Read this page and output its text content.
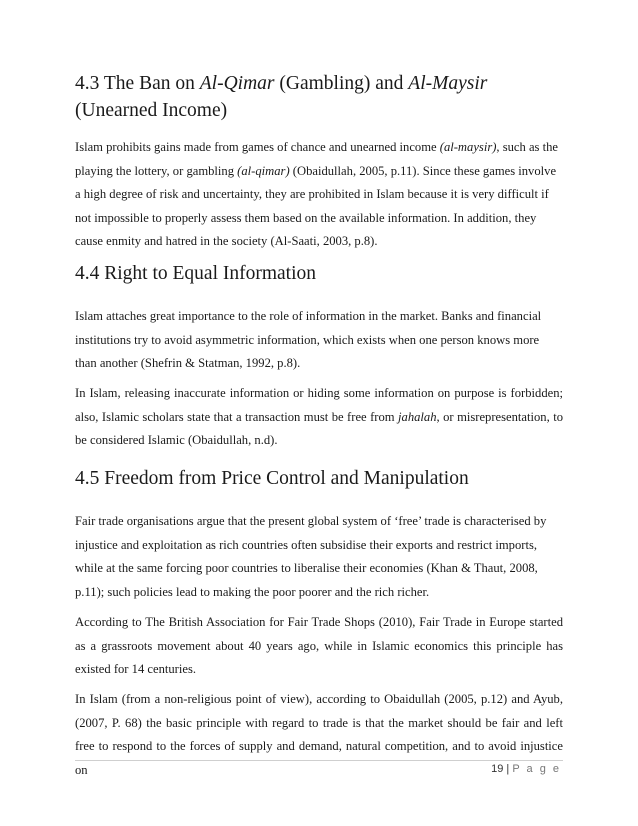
4.3 The Ban on Al-Qimar (Gambling) and Al-Maysir (Unearned Income)

Islam prohibits gains made from games of chance and unearned income (al-maysir), such as the playing the lottery, or gambling (al-qimar) (Obaidullah, 2005, p.11). Since these games involve a high degree of risk and uncertainty, they are prohibited in Islam because it is very difficult if not impossible to properly assess them based on the available information. In addition, they cause enmity and hatred in the society (Al-Saati, 2003, p.8).

4.4 Right to Equal Information

Islam attaches great importance to the role of information in the market. Banks and financial institutions try to avoid asymmetric information, which exists when one person knows more than another (Shefrin & Statman, 1992, p.8).

In Islam, releasing inaccurate information or hiding some information on purpose is forbidden; also, Islamic scholars state that a transaction must be free from jahalah, or misrepresentation, to be considered Islamic (Obaidullah, n.d).

4.5 Freedom from Price Control and Manipulation

Fair trade organisations argue that the present global system of ‘free’ trade is characterised by injustice and exploitation as rich countries often subsidise their exports and restrict imports, while at the same forcing poor countries to liberalise their economies (Khan & Thaut, 2008, p.11); such policies lead to making the poor poorer and the rich richer.

According to The British Association for Fair Trade Shops (2010), Fair Trade in Europe started as a grassroots movement about 40 years ago, while in Islamic economics this principle has existed for 14 centuries.

In Islam (from a non-religious point of view), according to Obaidullah (2005, p.12) and Ayub, (2007, P. 68) the basic principle with regard to trade is that the market should be fair and left free to respond to the forces of supply and demand, natural competition, and to avoid injustice on	19 | P a g e
